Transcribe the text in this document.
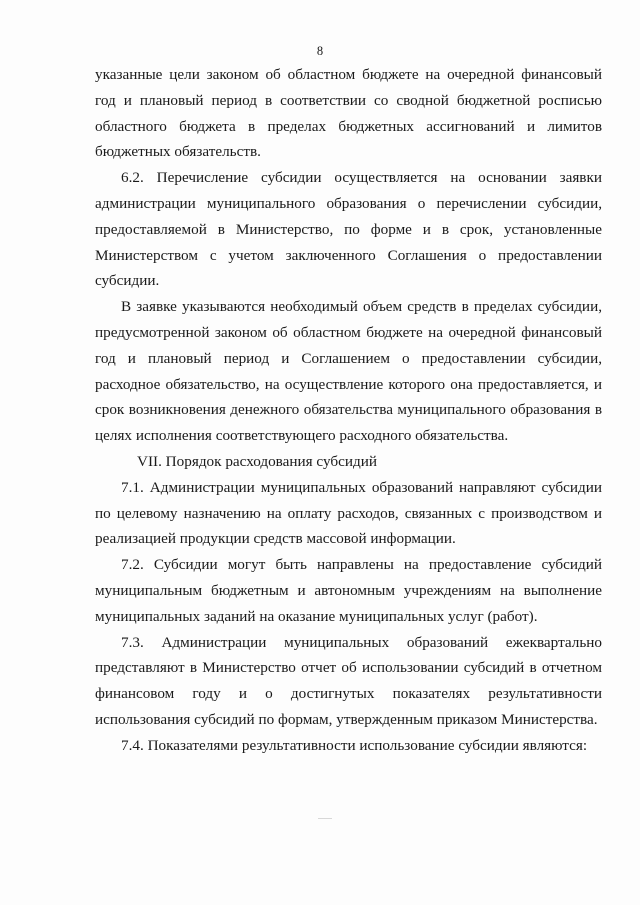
8

указанные цели законом об областном бюджете на очередной финансовый год и плановый период в соответствии со сводной бюджетной росписью областного бюджета в пределах бюджетных ассигнований и лимитов бюджетных обязательств.

6.2. Перечисление субсидии осуществляется на основании заявки администрации муниципального образования о перечислении субсидии, предоставляемой в Министерство, по форме и в срок, установленные Министерством с учетом заключенного Соглашения о предоставлении субсидии.

В заявке указываются необходимый объем средств в пределах субсидии, предусмотренной законом об областном бюджете на очередной финансовый год и плановый период и Соглашением о предоставлении субсидии, расходное обязательство, на осуществление которого она предоставляется, и срок возникновения денежного обязательства муниципального образования в целях исполнения соответствующего расходного обязательства.

VII. Порядок расходования субсидий

7.1. Администрации муниципальных образований направляют субсидии по целевому назначению на оплату расходов, связанных с производством и реализацией продукции средств массовой информации.

7.2. Субсидии могут быть направлены на предоставление субсидий муниципальным бюджетным и автономным учреждениям на выполнение муниципальных заданий на оказание муниципальных услуг (работ).

7.3. Администрации муниципальных образований ежеквартально представляют в Министерство отчет об использовании субсидий в отчетном финансовом году и о достигнутых показателях результативности использования субсидий по формам, утвержденным приказом Министерства.

7.4. Показателями результативности использование субсидии являются:
